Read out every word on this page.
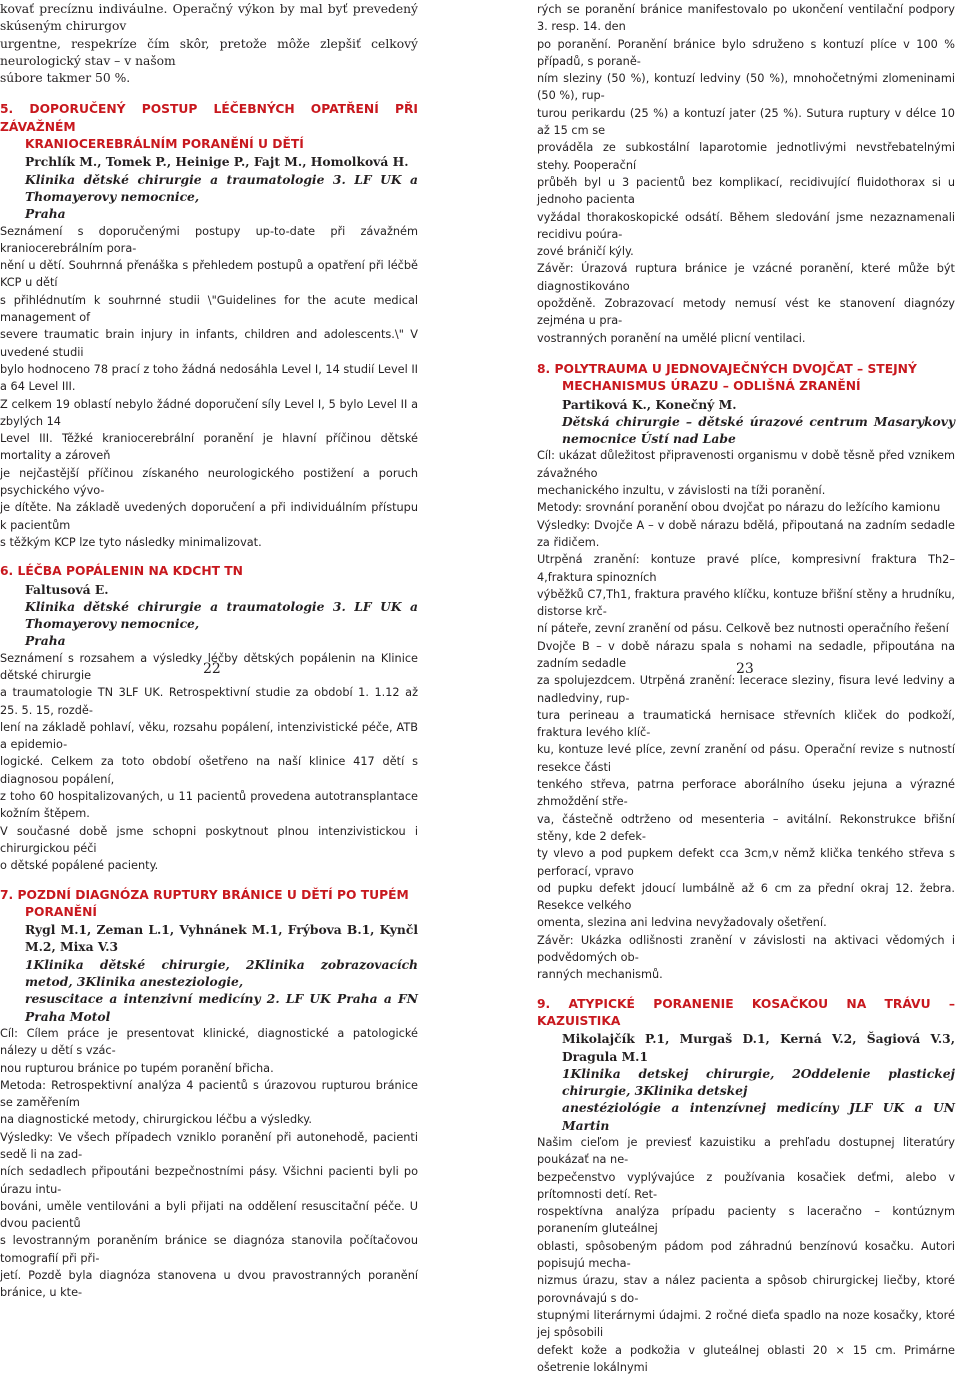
kovať precíznu indiváulne. Operačný výkon by mal byť prevedený skúseným chirurgov
urgentne, respekríze čím skôr, pretože môže zlepšiť celkový neurologický stav – v našom
súbore takmer 50 %.

5. DOPORUČENÝ POSTUP LÉČEBNÝCH OPATŘENÍ PŘI ZÁVAŽNÉM
KRANIOCEREBRÁLNÍM PORANĚNÍ U DĚTÍ

Prchlík M., Tomek P., Heinige P., Fajt M., Homolková H.

Klinika dětské chirurgie a traumatologie 3. LF UK a Thomayerovy nemocnice,
Praha

Seznámení s doporučenými postupy up-to-date při závažném kraniocerebrálním pora-
nění u dětí. Souhrnná přenáška s přehledem postupů a opatření při léčbě KCP u dětí
s přihlédnutím k souhrnné studii \"Guidelines for the acute medical management of
severe traumatic brain injury in infants, children and adolescents.\" V uvedené studii
bylo hodnoceno 78 prací z toho žádná nedosáhla Level I, 14 studií Level II a 64 Level III.
Z celkem 19 oblastí nebylo žádné doporučení síly Level I, 5 bylo Level II a zbylých 14
Level III. Těžké kraniocerebrální poranění je hlavní příčinou dětské mortality a zároveň
je nejčastější příčinou získaného neurologického postižení a poruch psychického vývo-
je dítěte. Na základě uvedených doporučení a při individuálním přístupu k pacientům
s těžkým KCP lze tyto následky minimalizovat.

6. LÉČBA POPÁLENIN NA KDCHT TN

Faltusová E.

Klinika dětské chirurgie a traumatologie 3. LF UK a Thomayerovy nemocnice,
Praha

Seznámení s rozsahem a výsledky léčby dětských popálenin na Klinice dětské chirurgie
a traumatologie TN 3LF UK. Retrospektivní studie za období 1. 1.12 až 25. 5. 15, rozdě-
lení na základě pohlaví, věku, rozsahu popálení, intenzivistické péče, ATB a epidemio-
logické. Celkem za toto období ošetřeno na naší klinice 417 dětí s diagnosou popálení,
z toho 60 hospitalizovaných, u 11 pacientů provedena autotransplantace kožním štěpem.
V současné době jsme schopni poskytnout plnou intenzivistickou i chirurgickou péči
o dětské popálené pacienty.

7. POZDNÍ DIAGNÓZA RUPTURY BRÁNICE U DĚTÍ PO TUPÉM
PORANĚNÍ

Rygl M.1, Zeman L.1, Vyhnánek M.1, Frýbova B.1, Kynčl M.2, Mixa V.3

1Klinika dětské chirurgie, 2Klinika zobrazovacích metod, 3Klinika anesteziologie,
resuscitace a intenzivní medicíny 2. LF UK Praha a FN Praha Motol

Cíl: Cílem práce je presentovat klinické, diagnostické a patologické nálezy u dětí s vzác-
nou rupturou bránice po tupém poranění břicha.
Metoda: Retrospektivní analýza 4 pacientů s úrazovou rupturou bránice se zaměřením
na diagnostické metody, chirurgickou léčbu a výsledky.
Výsledky: Ve všech případech vzniklo poranění při autonehodě, pacienti sedě li na zad-
ních sedadlech připoutáni bezpečnostními pásy. Všichni pacienti byli po úrazu intu-
bováni, uměle ventilováni a byli přijati na oddělení resuscitační péče. U dvou pacientů
s levostranným poraněním bránice se diagnóza stanovila počítačovou tomografií při při-
jetí. Pozdě byla diagnóza stanovena u dvou pravostranných poranění bránice, u kte-

22

rých se poranění bránice manifestovalo po ukončení ventilační podpory 3. resp. 14. den
po poranění. Poranění bránice bylo sdruženo s kontuzí plíce v 100 % případů, s poraně-
ním sleziny (50 %), kontuzí ledviny (50 %), mnohočetnými zlomeninami (50 %), rup-
turou perikardu (25 %) a kontuzí jater (25 %). Sutura ruptury v délce 10 až 15 cm se
prováděla ze subkostální laparotomie jednotlivými nevstřebatelnými stehy. Pooperační
průběh byl u 3 pacientů bez komplikací, recidivující fluidothorax si u jednoho pacienta
vyžádal thorakoskopické odsátí. Během sledování jsme nezaznamenali recidivu poúra-
zové bráničí kýly.
Závěr: Úrazová ruptura bránice je vzácné poranění, které může být diagnostikováno
opožděně. Zobrazovací metody nemusí vést ke stanovení diagnózy zejména u pra-
vostranných poranění na umělé plicní ventilaci.

8. POLYTRAUMA U JEDNOVAJEČNÝCH DVOJČAT – STEJNÝ
MECHANISMUS ÚRAZU – ODLIŠNÁ ZRANĚNÍ

Partiková K., Konečný M.

Dětská chirurgie – dětské úrazové centrum Masarykovy nemocnice Ústí nad Labe

Cíl: ukázat důležitost připravenosti organismu v době těsně před vznikem závažného
mechanického inzultu, v závislosti na tíži poranění.
Metody: srovnání poranění obou dvojčat po nárazu do ležícího kamionu
Výsledky: Dvojče A – v době nárazu bdělá, připoutaná na zadním sedadle za řidičem.
Utrpěná zranění: kontuze pravé plíce, kompresivní fraktura Th2–4,fraktura spinozních
výběžků C7,Th1, fraktura pravého klíčku, kontuze břišní stěny a hrudníku, distorse krč-
ní páteře, zevní zranění od pásu. Celkově bez nutnosti operačního řešení
Dvojče B – v době nárazu spala s nohami na sedadle, připoutána na zadním sedadle
za spolujezdcem. Utrpěná zranění: lecerace sleziny, fisura levé ledviny a nadledviny, rup-
tura perineau a traumatická hernisace střevních kliček do podkoží, fraktura levého klíč-
ku, kontuze levé plíce, zevní zranění od pásu. Operační revize s nutností resekce části
tenkého střeva, patrna perforace aborálního úseku jejuna a výrazné zhmoždění stře-
va, částečně odtrženo od mesenteria – avitální. Rekonstrukce břišní stěny, kde 2 defek-
ty vlevo a pod pupkem defekt cca 3cm,v němž kličkа tenkého střeva s perforací, vpravo
od pupku defekt jdoucí lumbálně až 6 cm za přední okraj 12. žebra. Resekce velkého
omenta, slezina ani ledvina nevyžadovaly ošetření.
Závěr: Ukázka odlišnosti zranění v závislosti na aktivaci vědomých i podvědomých ob-
ranných mechanismů.

9. ATYPICKÉ PORANENIE KOSAČKOU NA TRÁVU – KAZUISTIKA

Mikolajčík P.1, Murgaš D.1, Kerná V.2, Šagiová V.3, Dragula M.1

1Klinika detskej chirurgie, 2Oddelenie plastickej chirurgie, 3Klinika detskej
anestéziológie a intenzívnej medicíny JLF UK a UN Martin

Našim cieľom je previesť kazuistiku a prehľadu dostupnej literatúry poukázať na ne-
bezpečenstvo vyplývajúce z používania kosačiek deťmi, alebo v prítomnosti detí. Ret-
rospektívna analýza prípadu pacienty s laceračno – kontúznym poranením gluteálnej
oblasti, spôsobeným pádom pod záhradnú benzínovú kosačku. Autori popisujú mecha-
nizmus úrazu, stav a nález pacienta a spôsob chirurgickej liečby, ktoré porovnávajú s do-
stupnými literárnymi údajmi. 2 ročné dieťa spadlo na noze kosačky, ktoré jej spôsobili
defekt kože a podkožia v gluteálnej oblasti 20 × 15 cm. Primárne ošetrenie lokálnymi

23
